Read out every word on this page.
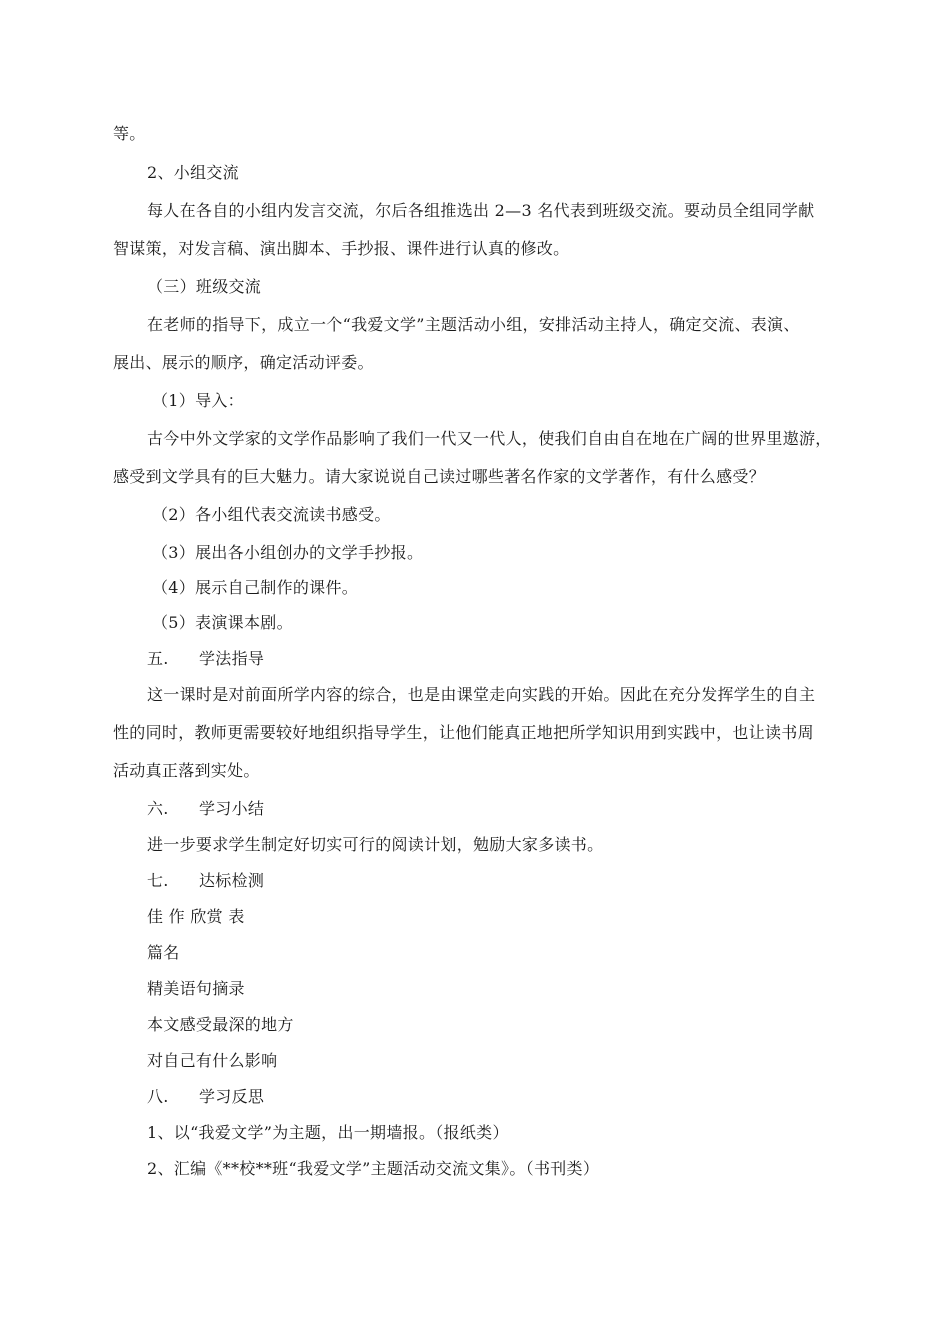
等。
2、小组交流
每人在各自的小组内发言交流，尔后各组推选出 2—3 名代表到班级交流。要动员全组同学献
智谋策，对发言稿、演出脚本、手抄报、课件进行认真的修改。
（三）班级交流
在老师的指导下，成立一个“我爱文学”主题活动小组，安排活动主持人，确定交流、表演、
展出、展示的顺序，确定活动评委。
（1）导入：
古今中外文学家的文学作品影响了我们一代又一代人，使我们自由自在地在广阔的世界里遨游，
感受到文学具有的巨大魅力。请大家说说自己读过哪些著名作家的文学著作，有什么感受？
（2）各小组代表交流读书感受。
（3）展出各小组创办的文学手抄报。
（4）展示自己制作的课件。
（5）表演课本剧。
五. 学法指导
这一课时是对前面所学内容的综合，也是由课堂走向实践的开始。因此在充分发挥学生的自主
性的同时，教师更需要较好地组织指导学生，让他们能真正地把所学知识用到实践中，也让读书周
活动真正落到实处。
六. 学习小结
进一步要求学生制定好切实可行的阅读计划，勉励大家多读书。
七. 达标检测
佳 作 欣赏 表
篇名
精美语句摘录
本文感受最深的地方
对自己有什么影响
八. 学习反思
1、以“我爱文学”为主题，出一期墙报。（报纸类）
2、汇编《**校**班“我爱文学”主题活动交流文集》。（书刊类）
